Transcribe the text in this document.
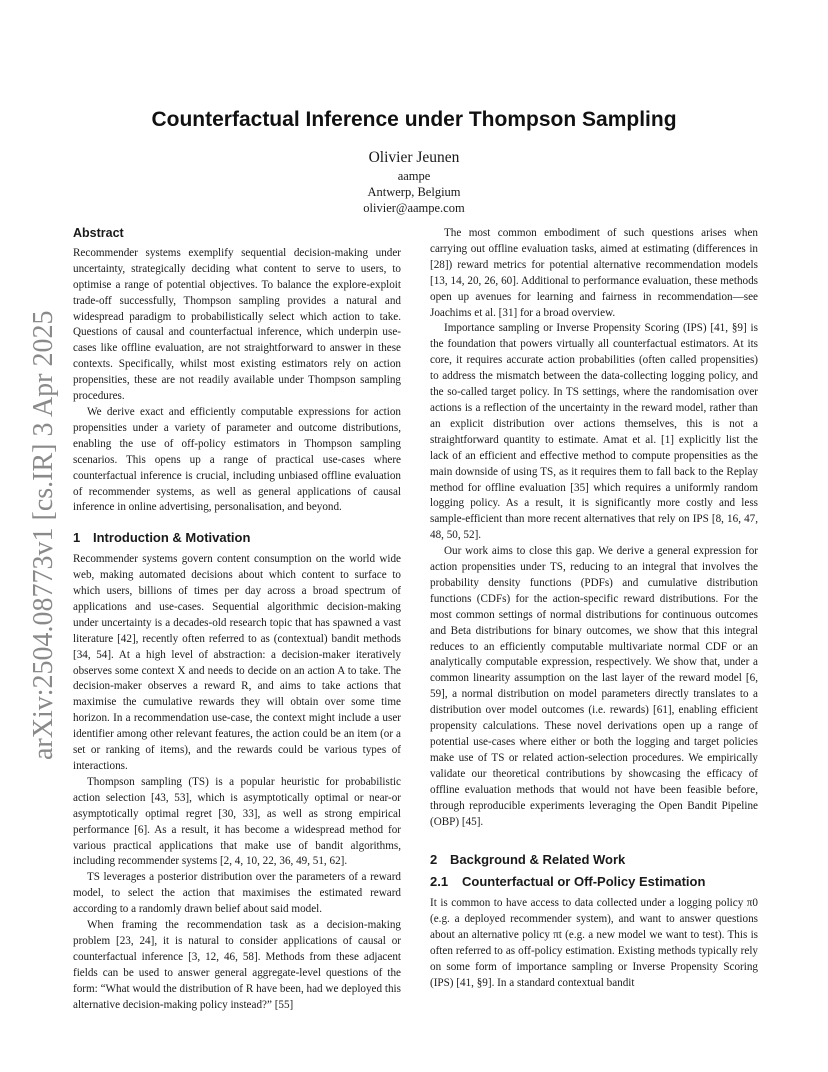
Counterfactual Inference under Thompson Sampling
Olivier Jeunen
aampe
Antwerp, Belgium
olivier@aampe.com
arXiv:2504.08773v1 [cs.IR] 3 Apr 2025
Abstract

Recommender systems exemplify sequential decision-making under uncertainty, strategically deciding what content to serve to users, to optimise a range of potential objectives. To balance the explore-exploit trade-off successfully, Thompson sampling provides a natural and widespread paradigm to probabilistically select which action to take. Questions of causal and counterfactual inference, which underpin use-cases like offline evaluation, are not straightforward to answer in these contexts. Specifically, whilst most existing estimators rely on action propensities, these are not readily available under Thompson sampling procedures.

We derive exact and efficiently computable expressions for action propensities under a variety of parameter and outcome distributions, enabling the use of off-policy estimators in Thompson sampling scenarios. This opens up a range of practical use-cases where counterfactual inference is crucial, including unbiased offline evaluation of recommender systems, as well as general applications of causal inference in online advertising, personalisation, and beyond.

1 Introduction & Motivation

Recommender systems govern content consumption on the world wide web, making automated decisions about which content to surface to which users, billions of times per day across a broad spectrum of applications and use-cases. Sequential algorithmic decision-making under uncertainty is a decades-old research topic that has spawned a vast literature [42], recently often referred to as (contextual) bandit methods [34, 54]. At a high level of abstraction: a decision-maker iteratively observes some context X and needs to decide on an action A to take. The decision-maker observes a reward R, and aims to take actions that maximise the cumulative rewards they will obtain over some time horizon. In a recommendation use-case, the context might include a user identifier among other relevant features, the action could be an item (or a set or ranking of items), and the rewards could be various types of interactions.

Thompson sampling (TS) is a popular heuristic for probabilistic action selection [43, 53], which is asymptotically optimal or near-or asymptotically optimal regret [30, 33], as well as strong empirical performance [6]. As a result, it has become a widespread method for various practical applications that make use of bandit algorithms, including recommender systems [2, 4, 10, 22, 36, 49, 51, 62].

TS leverages a posterior distribution over the parameters of a reward model, to select the action that maximises the estimated reward according to a randomly drawn belief about said model.

When framing the recommendation task as a decision-making problem [23, 24], it is natural to consider applications of causal or counterfactual inference [3, 12, 46, 58]. Methods from these adjacent fields can be used to answer general aggregate-level questions of the form: “What would the distribution of R have been, had we deployed this alternative decision-making policy instead?” [55]

The most common embodiment of such questions arises when carrying out offline evaluation tasks, aimed at estimating (differences in [28]) reward metrics for potential alternative recommendation models [13, 14, 20, 26, 60]. Additional to performance evaluation, these methods open up avenues for learning and fairness in recommendation—see Joachims et al. [31] for a broad overview.

Importance sampling or Inverse Propensity Scoring (IPS) [41, §9] is the foundation that powers virtually all counterfactual estimators. At its core, it requires accurate action probabilities (often called propensities) to address the mismatch between the data-collecting logging policy, and the so-called target policy. In TS settings, where the randomisation over actions is a reflection of the uncertainty in the reward model, rather than an explicit distribution over actions themselves, this is not a straightforward quantity to estimate. Amat et al. [1] explicitly list the lack of an efficient and effective method to compute propensities as the main downside of using TS, as it requires them to fall back to the Replay method for offline evaluation [35] which requires a uniformly random logging policy. As a result, it is significantly more costly and less sample-efficient than more recent alternatives that rely on IPS [8, 16, 47, 48, 50, 52].

Our work aims to close this gap. We derive a general expression for action propensities under TS, reducing to an integral that involves the probability density functions (PDFs) and cumulative distribution functions (CDFs) for the action-specific reward distributions. For the most common settings of normal distributions for continuous outcomes and Beta distributions for binary outcomes, we show that this integral reduces to an efficiently computable multivariate normal CDF or an analytically computable expression, respectively. We show that, under a common linearity assumption on the last layer of the reward model [6, 59], a normal distribution on model parameters directly translates to a distribution over model outcomes (i.e. rewards) [61], enabling efficient propensity calculations. These novel derivations open up a range of potential use-cases where either or both the logging and target policies make use of TS or related action-selection procedures. We empirically validate our theoretical contributions by showcasing the efficacy of offline evaluation methods that would not have been feasible before, through reproducible experiments leveraging the Open Bandit Pipeline (OBP) [45].

2 Background & Related Work
2.1 Counterfactual or Off-Policy Estimation

It is common to have access to data collected under a logging policy π0 (e.g. a deployed recommender system), and want to answer questions about an alternative policy πt (e.g. a new model we want to test). This is often referred to as off-policy estimation. Existing methods typically rely on some form of importance sampling or Inverse Propensity Scoring (IPS) [41, §9]. In a standard contextual bandit
